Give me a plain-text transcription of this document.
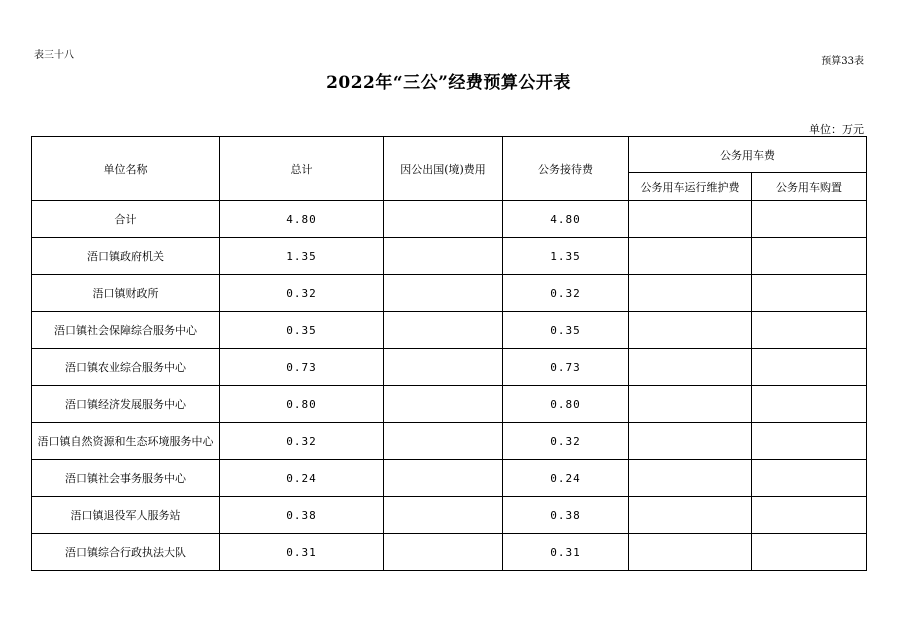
表三十八
预算33表
2022年“三公”经费预算公开表
单位：万元
单位名称	总计	因公出国(境)费用	公务接待费	公务用车费	
				公务用车运行维护费	公务用车购置
合计	4.80		4.80		
浯口镇政府机关	1.35		1.35		
浯口镇财政所	0.32		0.32		
浯口镇社会保障综合服务中心	0.35		0.35		
浯口镇农业综合服务中心	0.73		0.73		
浯口镇经济发展服务中心	0.80		0.80		
浯口镇自然资源和生态环境服务中心	0.32		0.32		
浯口镇社会事务服务中心	0.24		0.24		
浯口镇退役军人服务站	0.38		0.38		
浯口镇综合行政执法大队	0.31		0.31		
